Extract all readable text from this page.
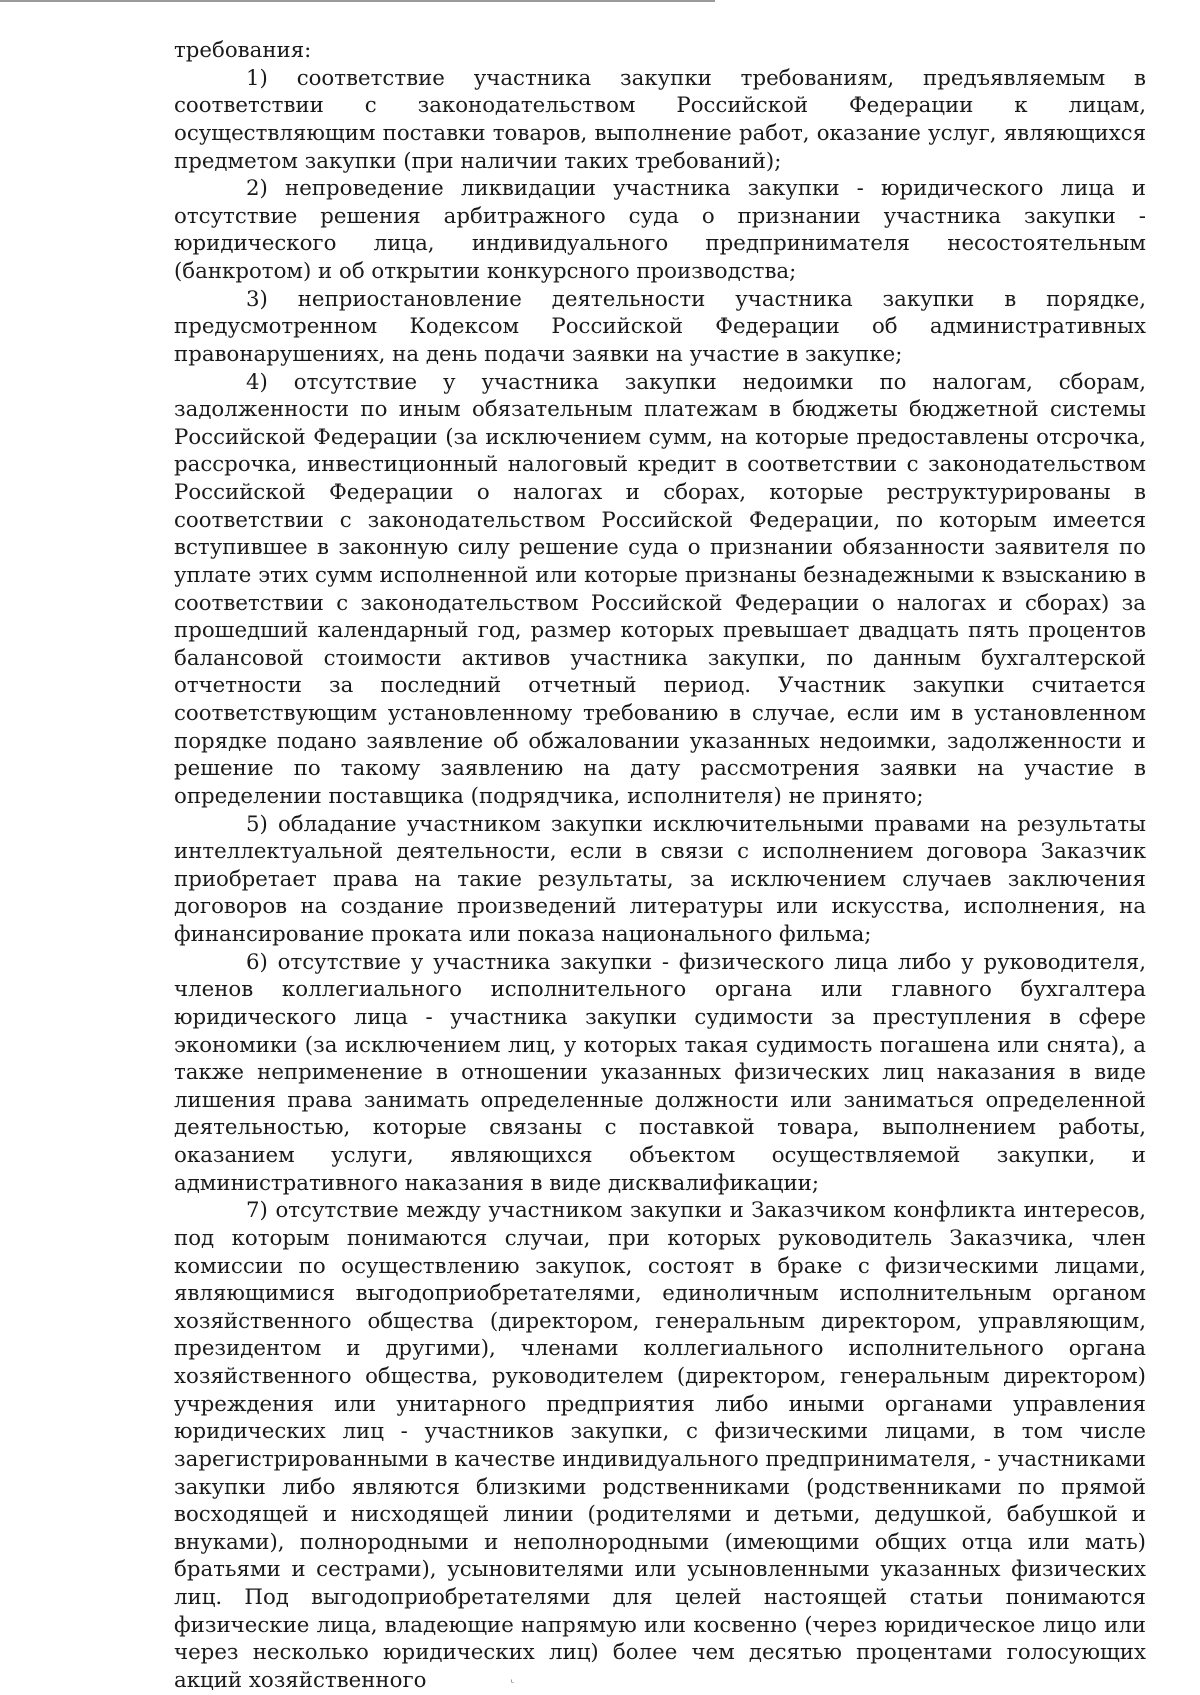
требования:

1) соответствие участника закупки требованиям, предъявляемым в соответствии с законодательством Российской Федерации к лицам, осуществляющим поставки товаров, выполнение работ, оказание услуг, являющихся предметом закупки (при наличии таких требований);

2) непроведение ликвидации участника закупки - юридического лица и отсутствие решения арбитражного суда о признании участника закупки - юридического лица, индивидуального предпринимателя несостоятельным (банкротом) и об открытии конкурсного производства;

3) неприостановление деятельности участника закупки в порядке, предусмотренном Кодексом Российской Федерации об административных правонарушениях, на день подачи заявки на участие в закупке;

4) отсутствие у участника закупки недоимки по налогам, сборам, задолженности по иным обязательным платежам в бюджеты бюджетной системы Российской Федерации (за исключением сумм, на которые предоставлены отсрочка, рассрочка, инвестиционный налоговый кредит в соответствии с законодательством Российской Федерации о налогах и сборах, которые реструктурированы в соответствии с законодательством Российской Федерации, по которым имеется вступившее в законную силу решение суда о признании обязанности заявителя по уплате этих сумм исполненной или которые признаны безнадежными к взысканию в соответствии с законодательством Российской Федерации о налогах и сборах) за прошедший календарный год, размер которых превышает двадцать пять процентов балансовой стоимости активов участника закупки, по данным бухгалтерской отчетности за последний отчетный период. Участник закупки считается соответствующим установленному требованию в случае, если им в установленном порядке подано заявление об обжаловании указанных недоимки, задолженности и решение по такому заявлению на дату рассмотрения заявки на участие в определении поставщика (подрядчика, исполнителя) не принято;

5) обладание участником закупки исключительными правами на результаты интеллектуальной деятельности, если в связи с исполнением договора Заказчик приобретает права на такие результаты, за исключением случаев заключения договоров на создание произведений литературы или искусства, исполнения, на финансирование проката или показа национального фильма;

6) отсутствие у участника закупки - физического лица либо у руководителя, членов коллегиального исполнительного органа или главного бухгалтера юридического лица - участника закупки судимости за преступления в сфере экономики (за исключением лиц, у которых такая судимость погашена или снята), а также неприменение в отношении указанных физических лиц наказания в виде лишения права занимать определенные должности или заниматься определенной деятельностью, которые связаны с поставкой товара, выполнением работы, оказанием услуги, являющихся объектом осуществляемой закупки, и административного наказания в виде дисквалификации;

7) отсутствие между участником закупки и Заказчиком конфликта интересов, под которым понимаются случаи, при которых руководитель Заказчика, член комиссии по осуществлению закупок, состоят в браке с физическими лицами, являющимися выгодоприобретателями, единоличным исполнительным органом хозяйственного общества (директором, генеральным директором, управляющим, президентом и другими), членами коллегиального исполнительного органа хозяйственного общества, руководителем (директором, генеральным директором) учреждения или унитарного предприятия либо иными органами управления юридических лиц - участников закупки, с физическими лицами, в том числе зарегистрированными в качестве индивидуального предпринимателя, - участниками закупки либо являются близкими родственниками (родственниками по прямой восходящей и нисходящей линии (родителями и детьми, дедушкой, бабушкой и внуками), полнородными и неполнородными (имеющими общих отца или мать) братьями и сестрами), усыновителями или усыновленными указанных физических лиц. Под выгодоприобретателями для целей настоящей статьи понимаются физические лица, владеющие напрямую или косвенно (через юридическое лицо или через несколько юридических лиц) более чем десятью процентами голосующих акций хозяйственного	ᴸ
